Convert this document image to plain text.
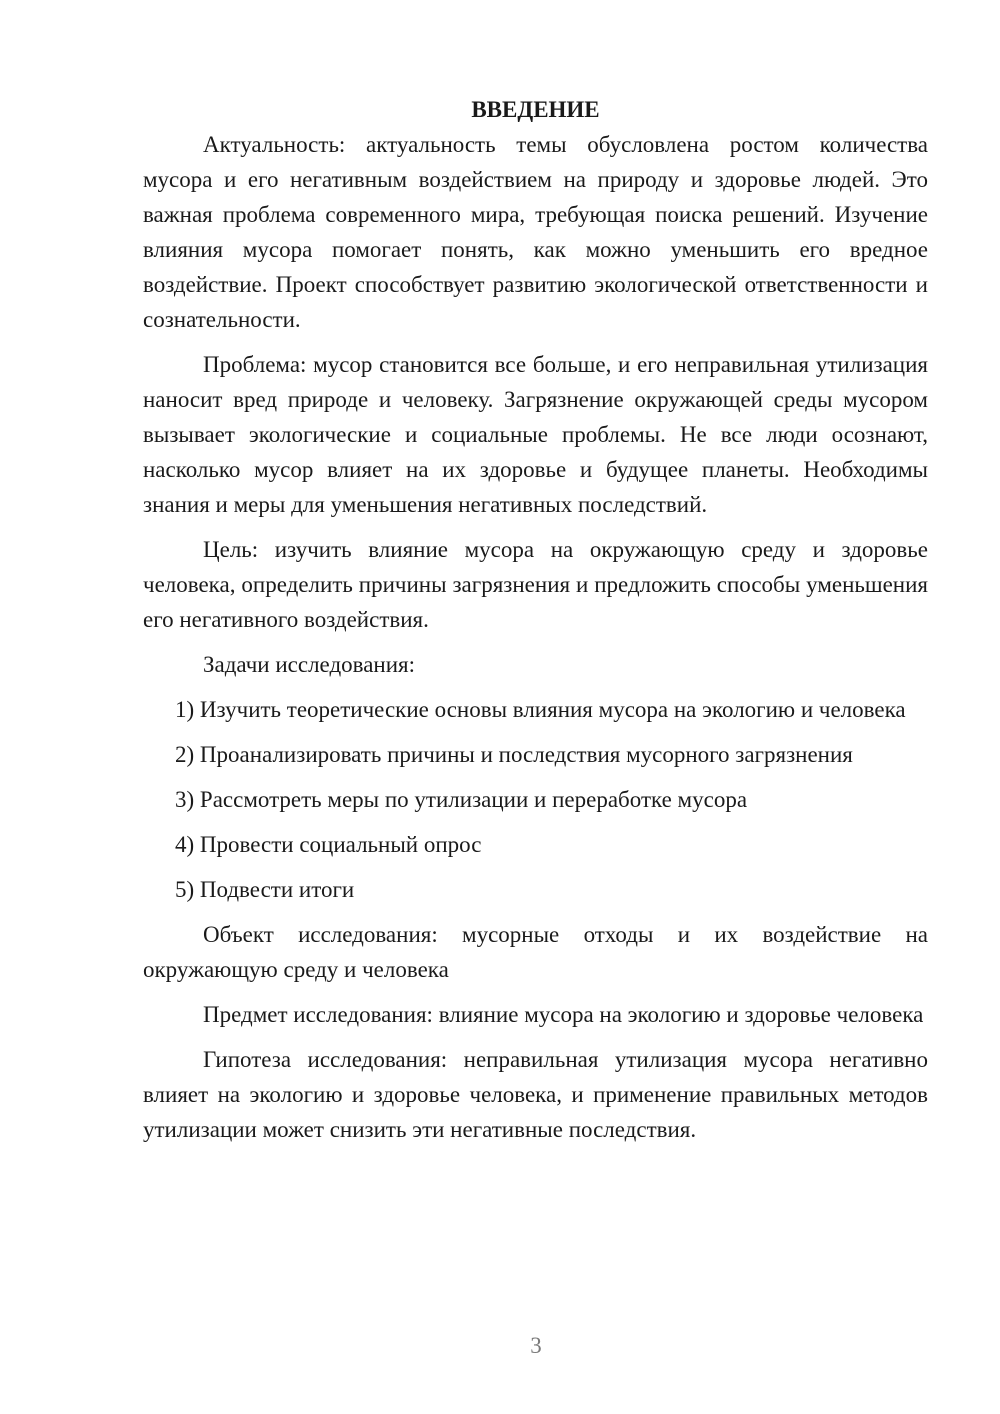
ВВЕДЕНИЕ

Актуальность: актуальность темы обусловлена ростом количества мусора и его негативным воздействием на природу и здоровье людей. Это важная проблема современного мира, требующая поиска решений. Изучение влияния мусора помогает понять, как можно уменьшить его вредное воздействие. Проект способствует развитию экологической ответственности и сознательности.

Проблема: мусор становится все больше, и его неправильная утилизация наносит вред природе и человеку. Загрязнение окружающей среды мусором вызывает экологические и социальные проблемы. Не все люди осознают, насколько мусор влияет на их здоровье и будущее планеты. Необходимы знания и меры для уменьшения негативных последствий.

Цель: изучить влияние мусора на окружающую среду и здоровье человека, определить причины загрязнения и предложить способы уменьшения его негативного воздействия.

Задачи исследования:

1) Изучить теоретические основы влияния мусора на экологию и человека

2) Проанализировать причины и последствия мусорного загрязнения

3) Рассмотреть меры по утилизации и переработке мусора

4) Провести социальный опрос

5) Подвести итоги

Объект исследования: мусорные отходы и их воздействие на окружающую среду и человека

Предмет исследования: влияние мусора на экологию и здоровье человека

Гипотеза исследования: неправильная утилизация мусора негативно влияет на экологию и здоровье человека, и применение правильных методов утилизации может снизить эти негативные последствия.

3
